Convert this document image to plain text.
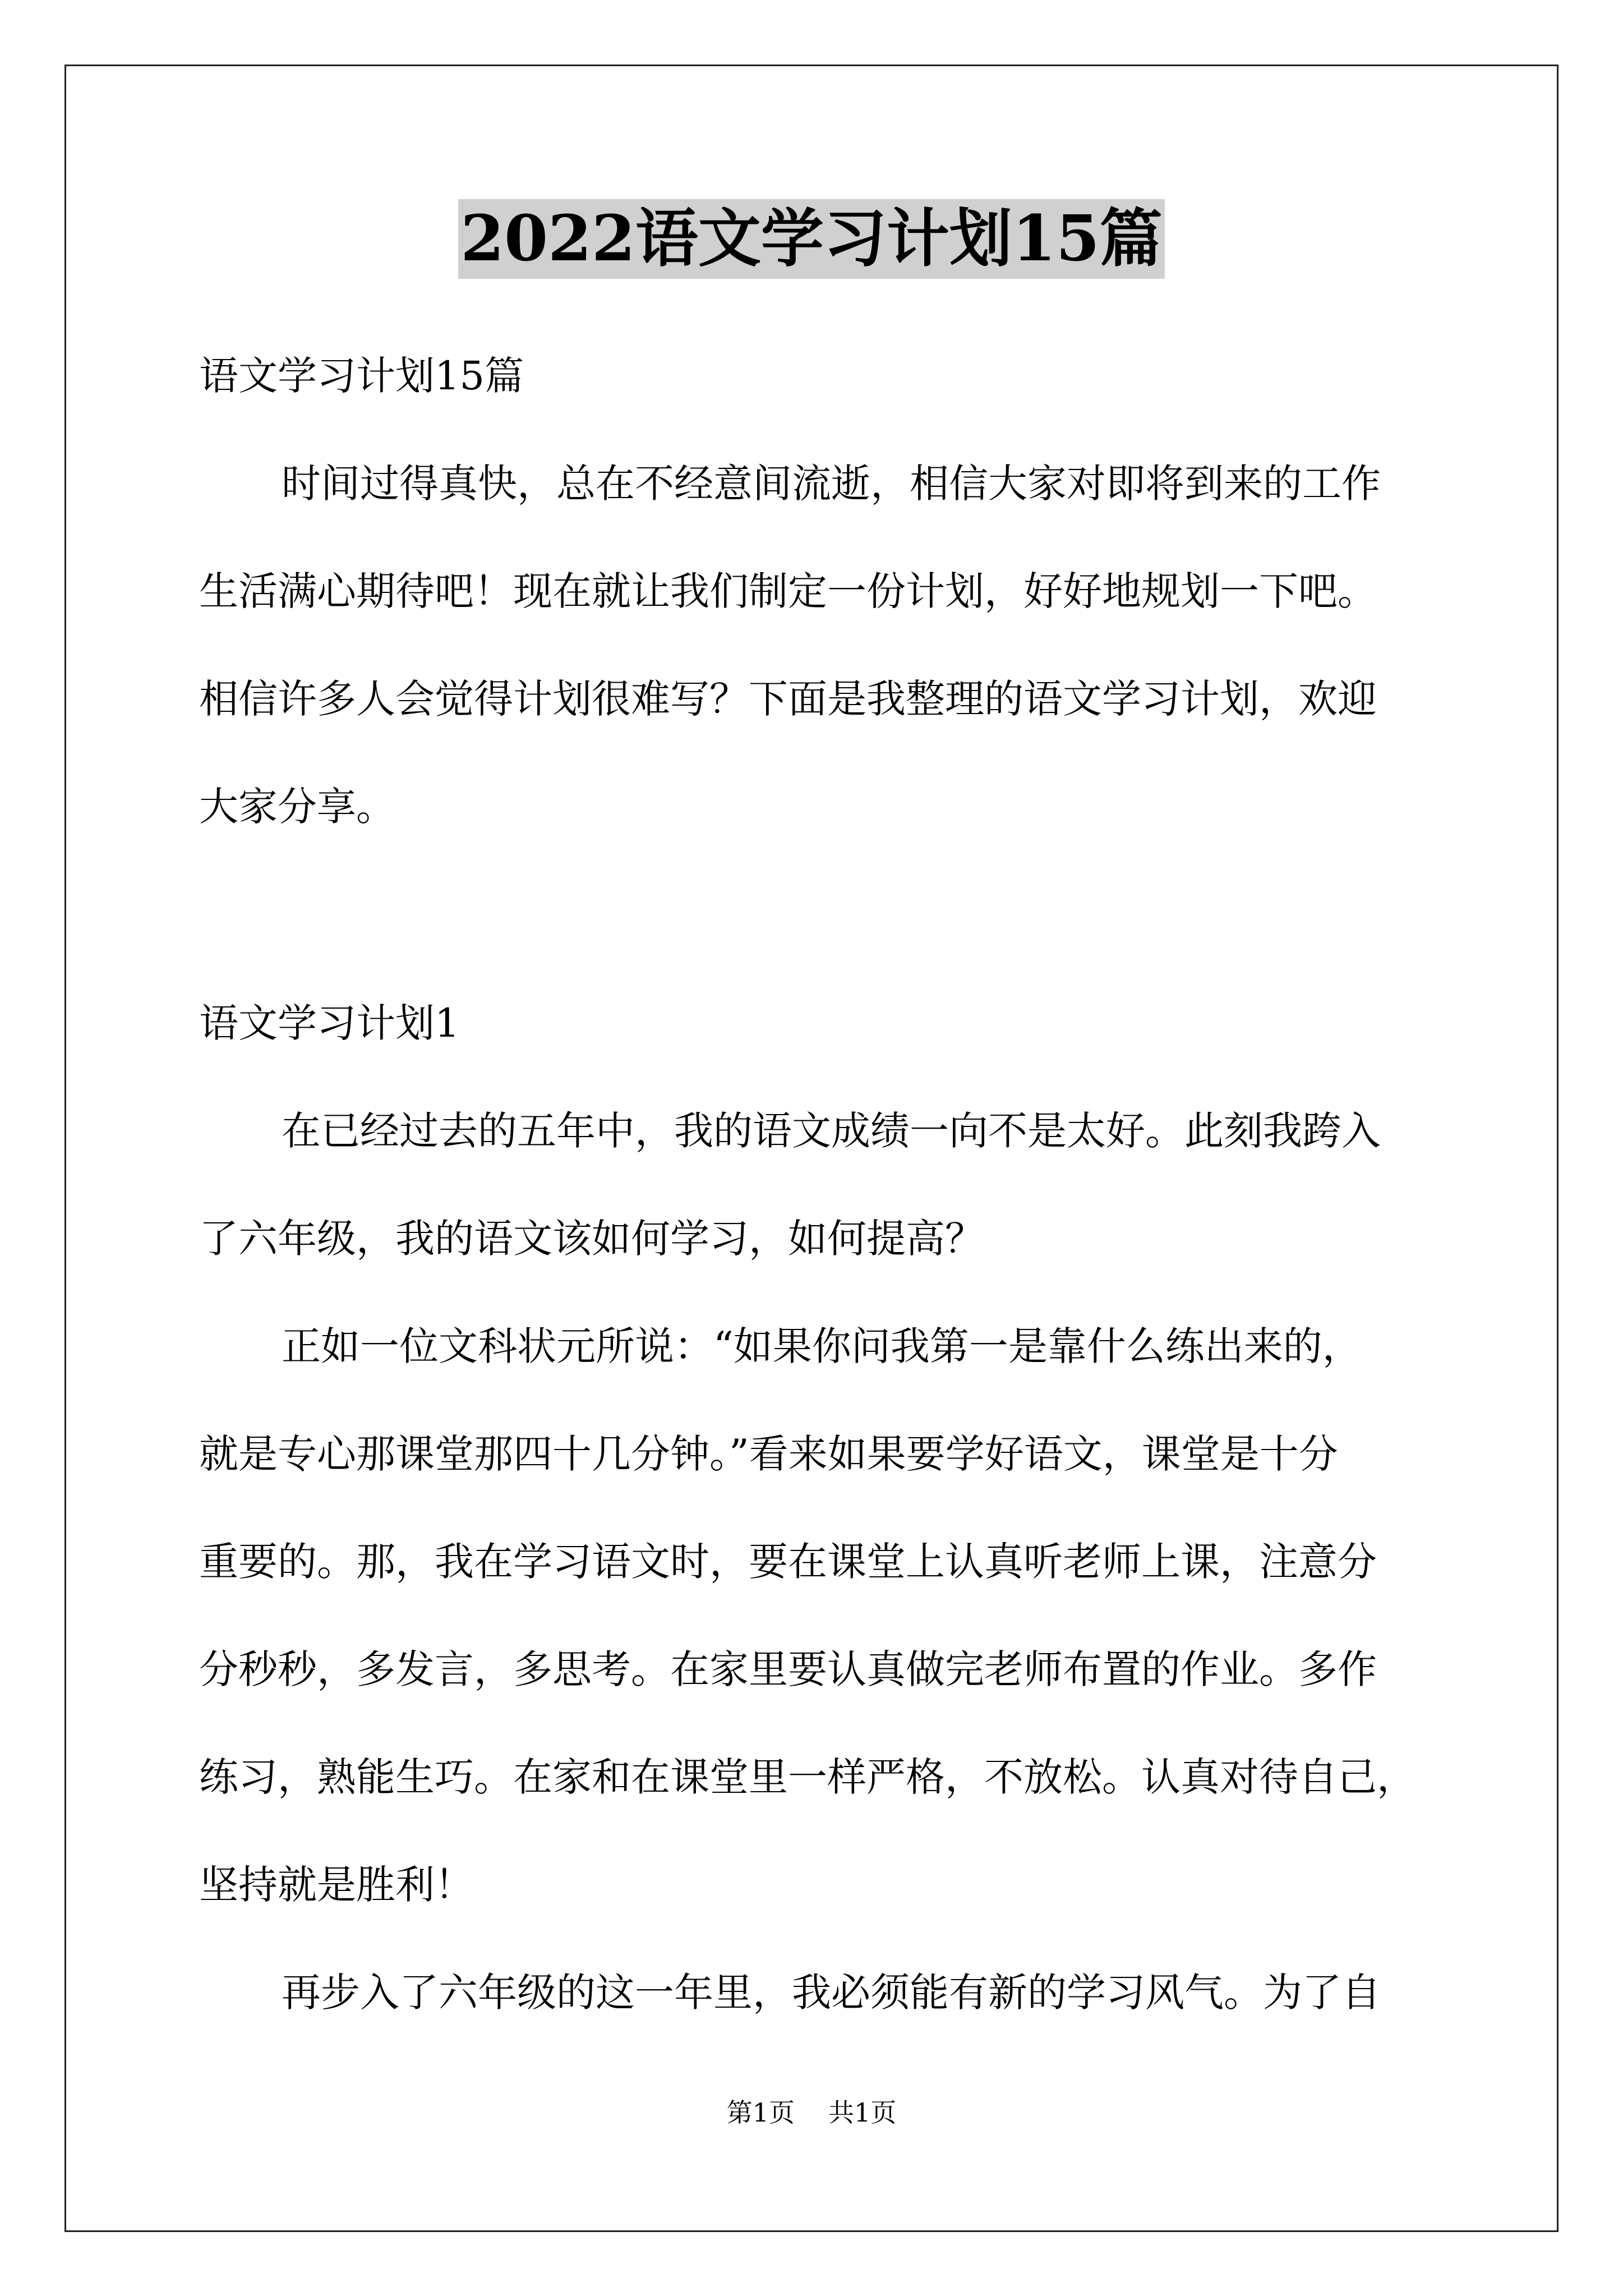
2022语文学习计划15篇
语文学习计划15篇
时间过得真快，总在不经意间流逝，相信大家对即将到来的工作
生活满心期待吧！现在就让我们制定一份计划，好好地规划一下吧。
相信许多人会觉得计划很难写？下面是我整理的语文学习计划，欢迎
大家分享。
语文学习计划1
在已经过去的五年中，我的语文成绩一向不是太好。此刻我跨入
了六年级，我的语文该如何学习，如何提高？
正如一位文科状元所说：“如果你问我第一是靠什么练出来的，
就是专心那课堂那四十几分钟。”看来如果要学好语文，课堂是十分
重要的。那，我在学习语文时，要在课堂上认真听老师上课，注意分
分秒秒，多发言，多思考。在家里要认真做完老师布置的作业。多作
练习，熟能生巧。在家和在课堂里一样严格，不放松。认真对待自己，
坚持就是胜利！
再步入了六年级的这一年里，我必须能有新的学习风气。为了自
第1页 共1页
